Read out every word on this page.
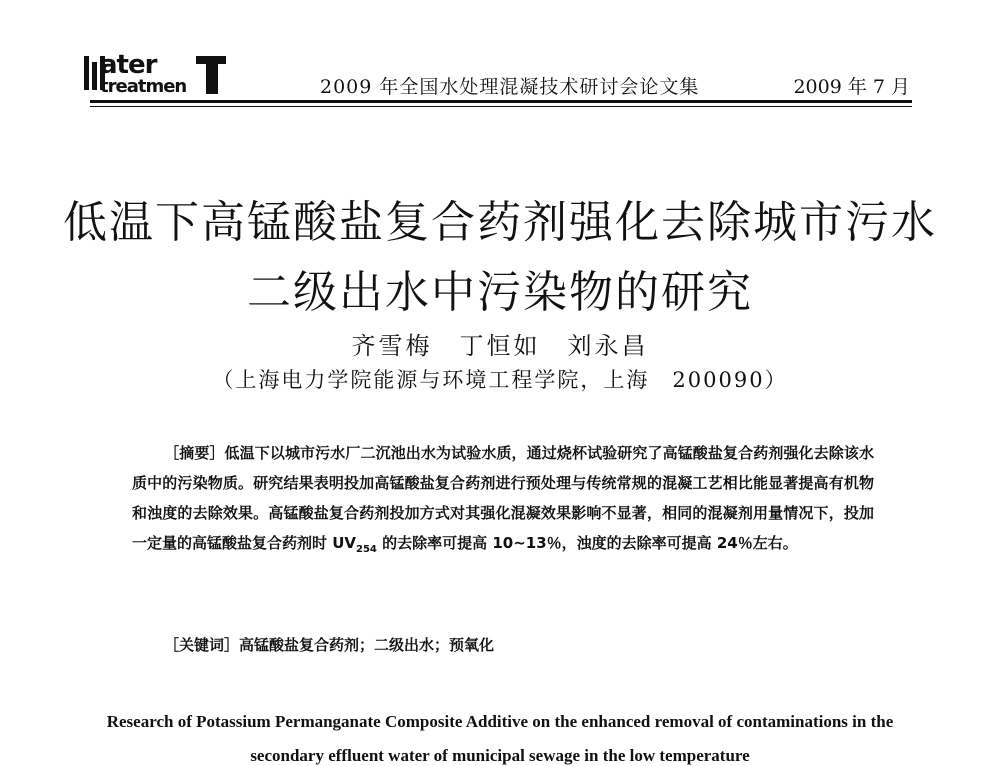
ater
treatmen	2009 年全国水处理混凝技术研讨会论文集	2009 年 7 月
低温下高锰酸盐复合药剂强化去除城市污水
二级出水中污染物的研究
齐雪梅　丁恒如　刘永昌
（上海电力学院能源与环境工程学院，上海　200090）
［摘要］低温下以城市污水厂二沉池出水为试验水质，通过烧杯试验研究了高锰酸盐复合药剂强化去除该水质中的污染物质。研究结果表明投加高锰酸盐复合药剂进行预处理与传统常规的混凝工艺相比能显著提高有机物和浊度的去除效果。高锰酸盐复合药剂投加方式对其强化混凝效果影响不显著，相同的混凝剂用量情况下，投加一定量的高锰酸盐复合药剂时 $UV_{254}$ 的去除率可提高 10~13％，浊度的去除率可提高 24％左右。
［关键词］高锰酸盐复合药剂；二级出水；预氧化
Research of Potassium Permanganate Composite Additive on the enhanced removal of contaminations in the
secondary effluent water of municipal sewage in the low temperature
